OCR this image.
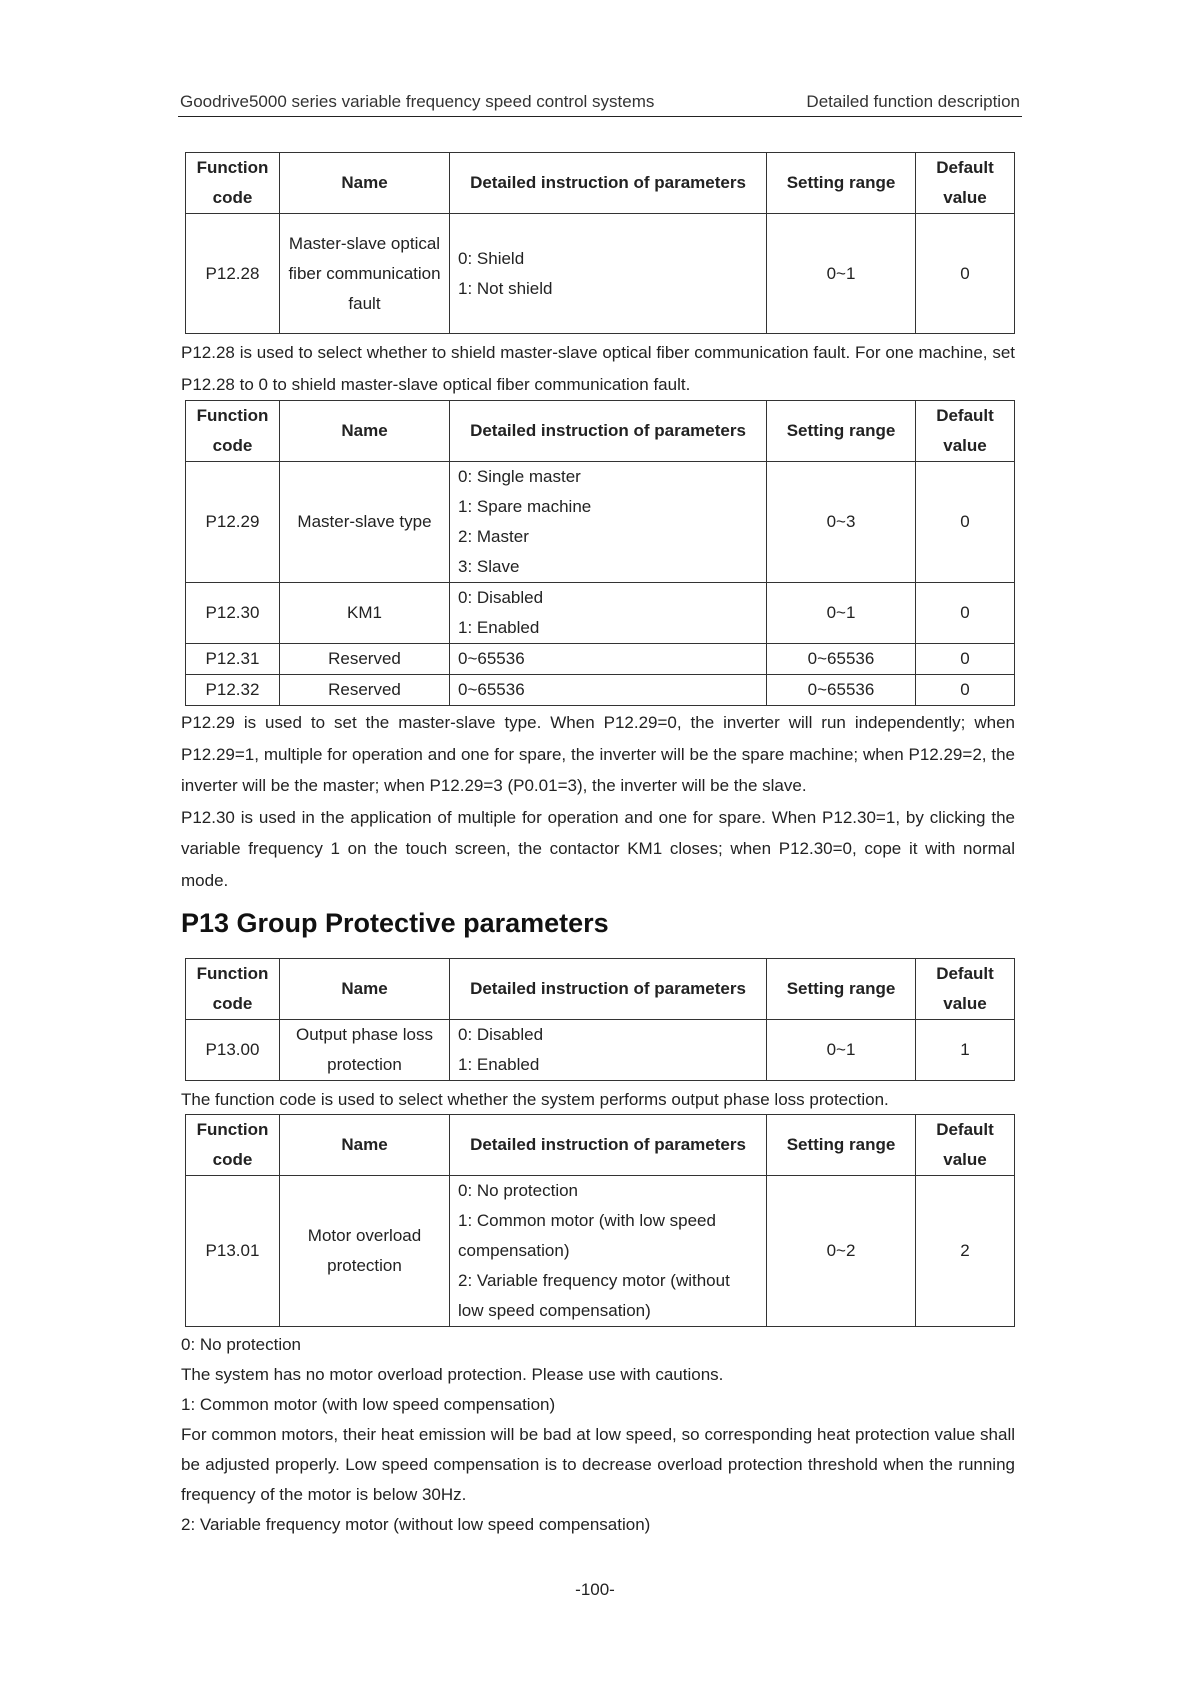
Goodrive5000 series variable frequency speed control systems	Detailed function description
Function code	Name	Detailed instruction of parameters	Setting range	Default value
P12.28	Master-slave optical fiber communication fault	0: Shield
1: Not shield	0~1	0

P12.28 is used to select whether to shield master-slave optical fiber communication fault. For one machine, set P12.28 to 0 to shield master-slave optical fiber communication fault.

Function code	Name	Detailed instruction of parameters	Setting range	Default value
P12.29	Master-slave type	0: Single master
1: Spare machine
2: Master
3: Slave	0~3	0
P12.30	KM1	0: Disabled
1: Enabled	0~1	0
P12.31	Reserved	0~65536	0~65536	0
P12.32	Reserved	0~65536	0~65536	0

P12.29 is used to set the master-slave type. When P12.29=0, the inverter will run independently; when P12.29=1, multiple for operation and one for spare, the inverter will be the spare machine; when P12.29=2, the inverter will be the master; when P12.29=3 (P0.01=3), the inverter will be the slave.

P12.30 is used in the application of multiple for operation and one for spare. When P12.30=1, by clicking the variable frequency 1 on the touch screen, the contactor KM1 closes; when P12.30=0, cope it with normal mode.

P13 Group Protective parameters
Function code	Name	Detailed instruction of parameters	Setting range	Default value
P13.00	Output phase loss protection	0: Disabled
1: Enabled	0~1	1

The function code is used to select whether the system performs output phase loss protection.

Function code	Name	Detailed instruction of parameters	Setting range	Default value
P13.01	Motor overload protection	0: No protection
1: Common motor (with low speed compensation)
2: Variable frequency motor (without low speed compensation)	0~2	2

0: No protection

The system has no motor overload protection. Please use with cautions.

1: Common motor (with low speed compensation)

For common motors, their heat emission will be bad at low speed, so corresponding heat protection value shall be adjusted properly. Low speed compensation is to decrease overload protection threshold when the running frequency of the motor is below 30Hz.

2: Variable frequency motor (without low speed compensation)

-100-
